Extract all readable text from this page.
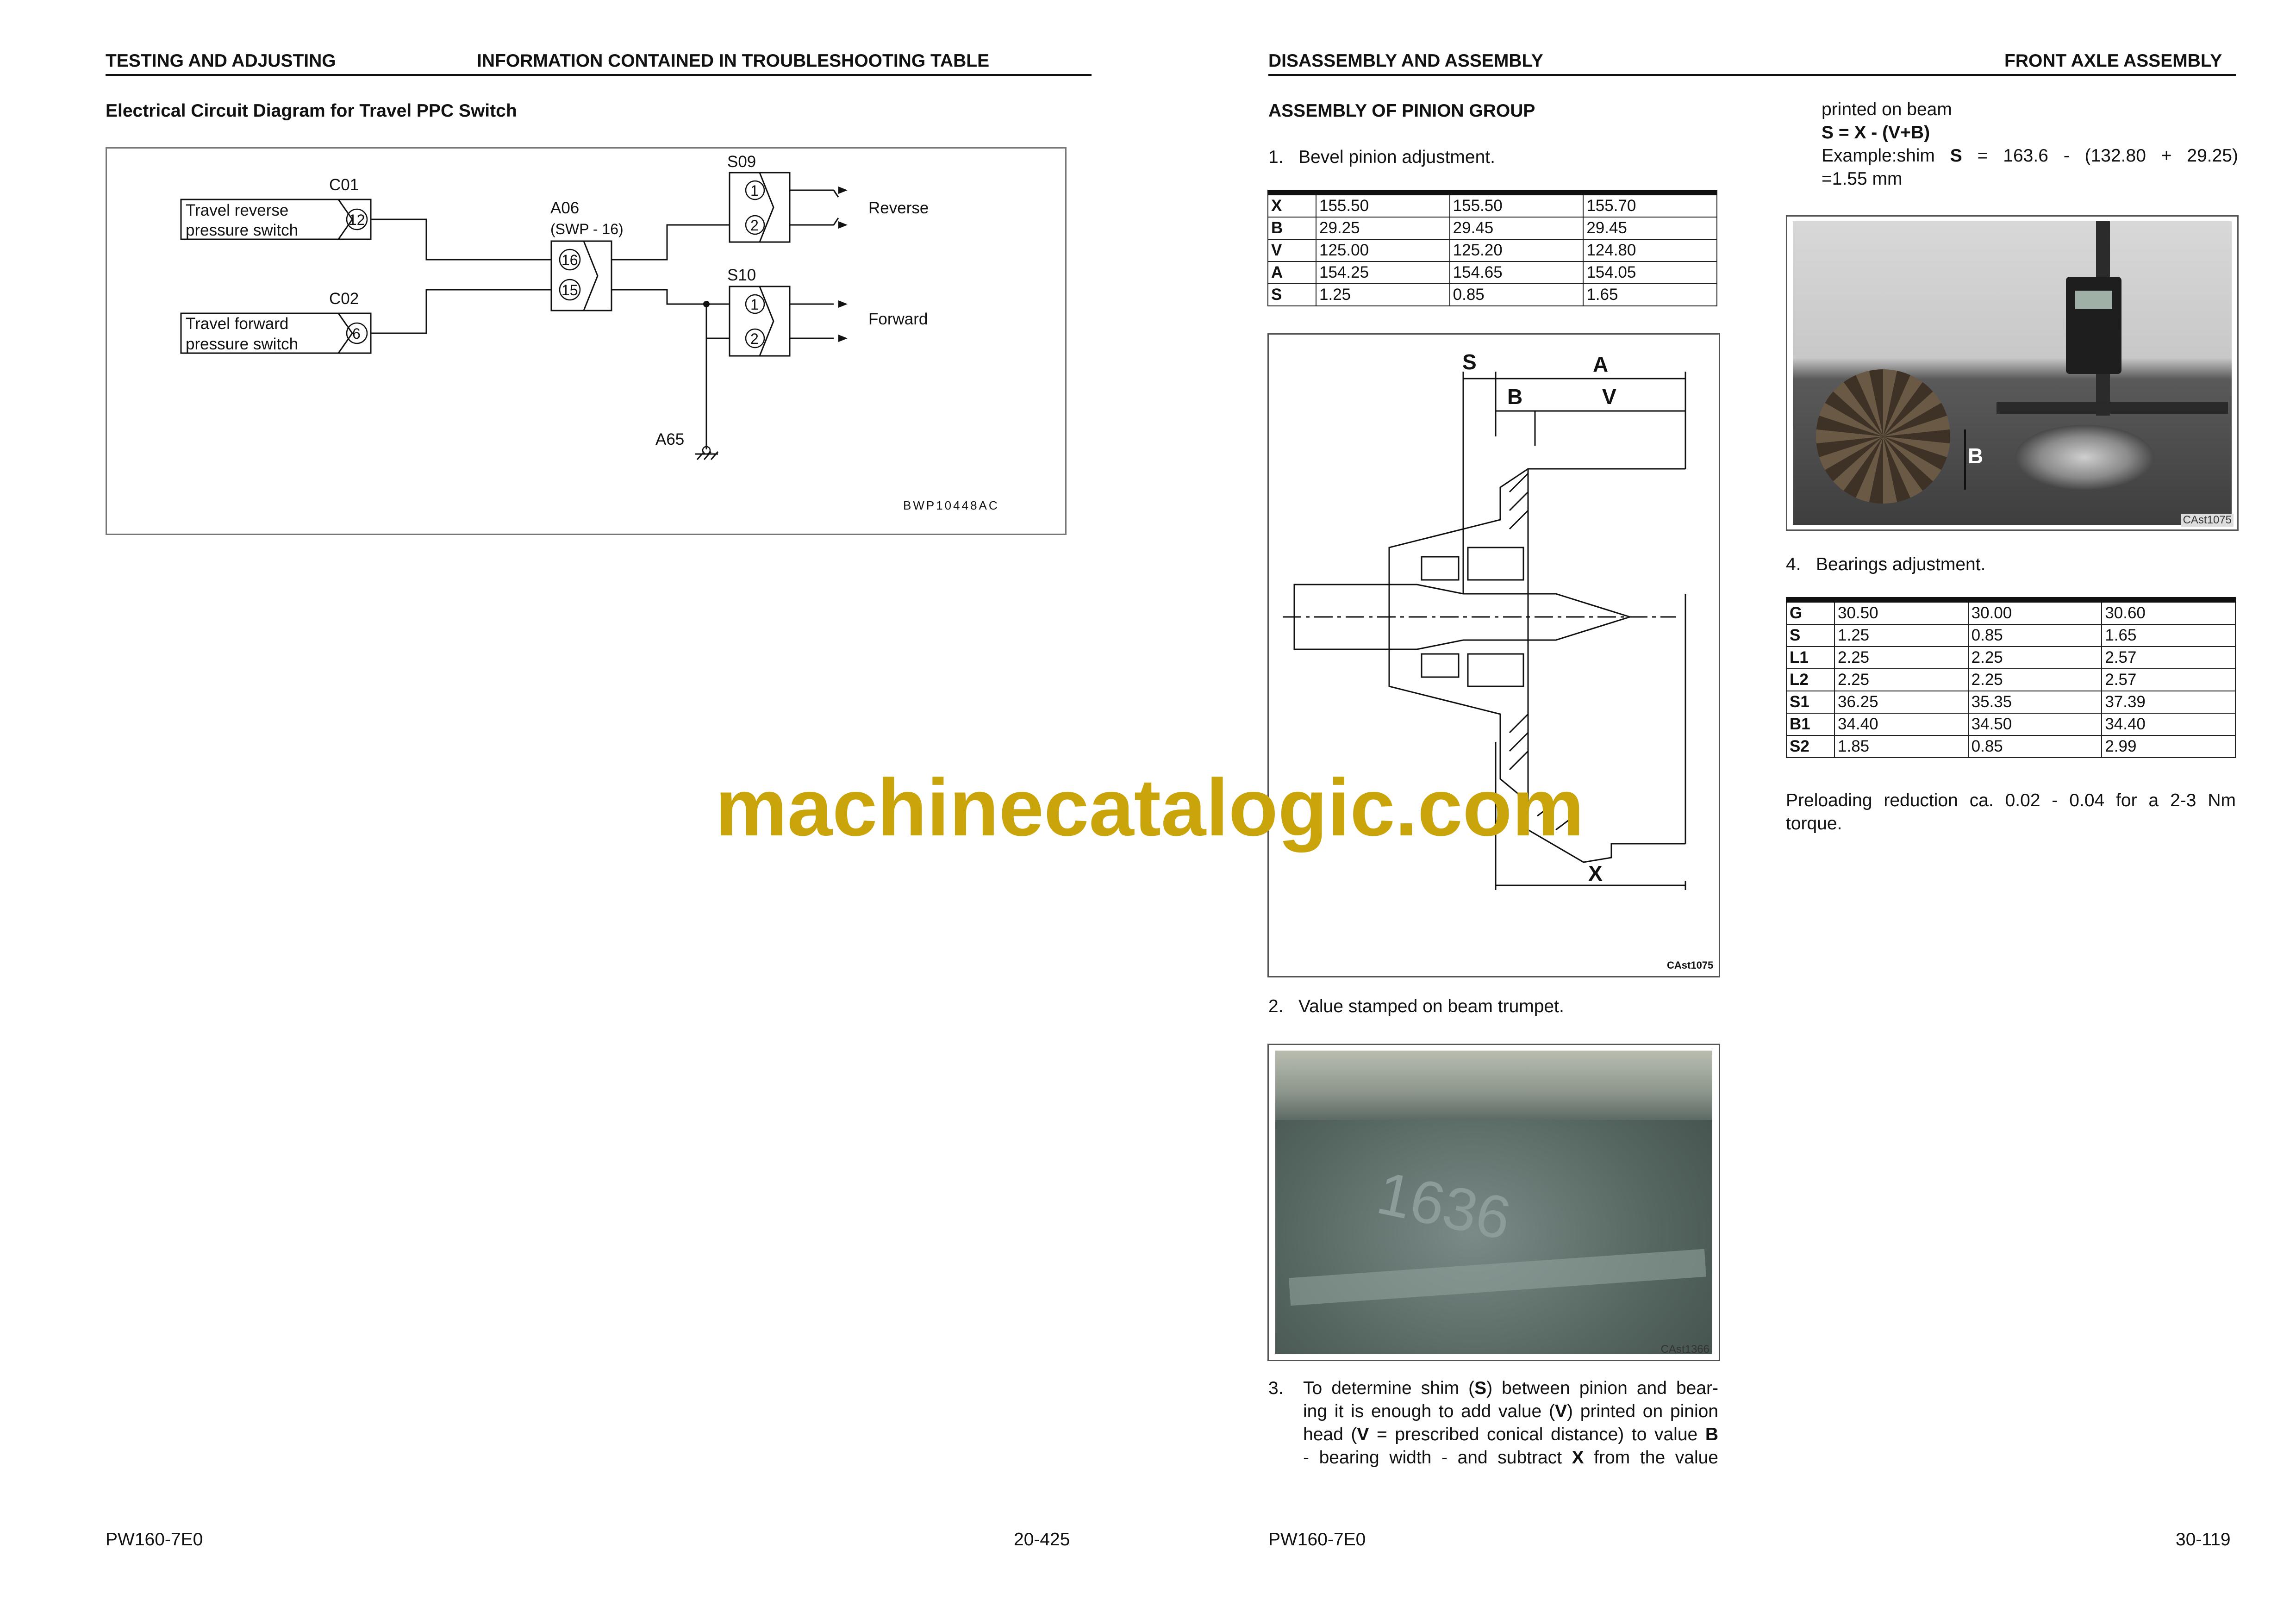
TESTING AND ADJUSTING	INFORMATION CONTAINED IN TROUBLESHOOTING TABLE
Electrical Circuit Diagram for Travel PPC Switch
C01
Travel reverse
pressure switch
12
C02
Travel forward
pressure switch
6
A06
(SWP - 16)
16
15
S09
1
2
S10
1
2
Reverse
Forward
A65
BWP10448AC
PW160-7E0	20-425
DISASSEMBLY AND ASSEMBLY	FRONT AXLE ASSEMBLY
ASSEMBLY OF PINION GROUP
1.   Bevel pinion adjustment.
X	155.50	155.50	155.70
B	29.25	29.45	29.45
V	125.00	125.20	124.80
A	154.25	154.65	154.05
S	1.25	0.85	1.65
S	A
B	V
X
CAst1075
2.   Value stamped on beam trumpet.
1636
CAst1366
3. To determine shim (S) between pinion and bear-
ing it is enough to add value (V) printed on pinion
head (V = prescribed conical distance) to value B
- bearing width - and subtract X from the value
printed on beam
S = X - (V+B)
Example:shim S = 163.6 - (132.80 + 29.25)
=1.55 mm
B
CAst1075
4.   Bearings adjustment.
G	30.50	30.00	30.60
S	1.25	0.85	1.65
L1	2.25	2.25	2.57
L2	2.25	2.25	2.57
S1	36.25	35.35	37.39
B1	34.40	34.50	34.40
S2	1.85	0.85	2.99
Preloading reduction ca. 0.02 - 0.04 for a 2-3 Nm
torque.
PW160-7E0	30-119
machinecatalogic.com
